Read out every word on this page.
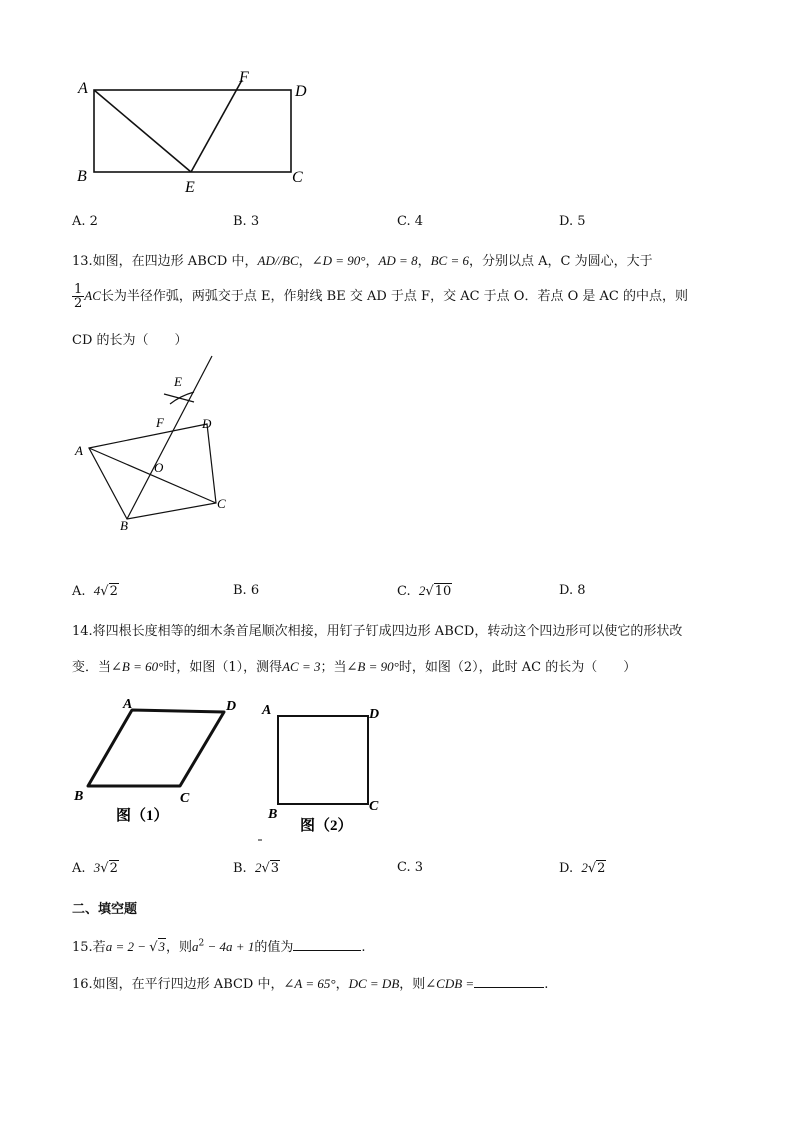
A
F
D
B
E
C
A. 2	B. 3	C. 4	D. 5
13.如图，在四边形 ABCD 中，AD//BC，∠D = 90°，AD = 8，BC = 6，分别以点 A，C 为圆心，大于
$\frac{1}{2}$ AC长为半径作弧，两弧交于点 E，作射线 BE 交 AD 于点 F，交 AC 于点 O．若点 O 是 AC 的中点，则
CD 的长为（　　）
E
F	D
A
O
C
B
A. 4√2	B. 6	C. 2√10	D. 8
14.将四根长度相等的细木条首尾顺次相接，用钉子钉成四边形 ABCD，转动这个四边形可以使它的形状改
变．当∠B = 60°时，如图（1），测得AC = 3；当∠B = 90°时，如图（2），此时 AC 的长为（　　）
A	D
B	C
图（1）
A	D
B
C
图（2）
A. 3√2	B. 2√3	C. 3	D. 2√2
二、填空题
15.若a = 2 − √3，则$a^2 - 4a + 1$的值为	.
16.如图，在平行四边形 ABCD 中，∠A = 65°，DC = DB，则∠CDB =	.
